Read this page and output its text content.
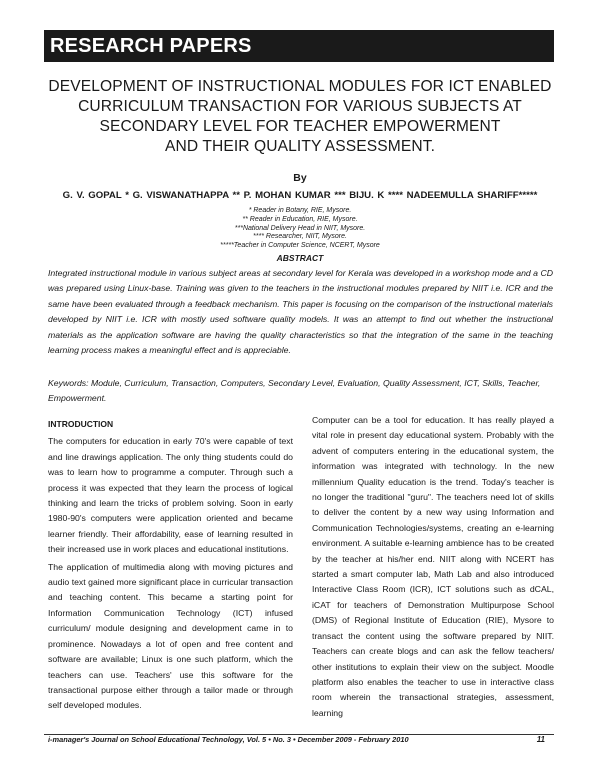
RESEARCH PAPERS
DEVELOPMENT OF INSTRUCTIONAL MODULES FOR ICT ENABLED
CURRICULUM TRANSACTION FOR VARIOUS SUBJECTS AT
SECONDARY LEVEL FOR TEACHER EMPOWERMENT
AND THEIR QUALITY ASSESSMENT.
By
G. V. GOPAL * G. VISWANATHAPPA ** P. MOHAN KUMAR *** BIJU. K **** NADEEMULLA SHARIFF*****
* Reader in Botany, RIE, Mysore.
** Reader in Education, RIE, Mysore.
***National Delivery Head in NIIT, Mysore.
**** Researcher, NIIT, Mysore.
*****Teacher in Computer Science, NCERT, Mysore
ABSTRACT

Integrated instructional module in various subject areas at secondary level for Kerala was developed in a workshop mode and a CD was prepared using Linux-base. Training was given to the teachers in the instructional modules prepared by NIIT i.e. ICR and the same have been evaluated through a feedback mechanism. This paper is focusing on the comparison of the instructional materials developed by NIIT i.e. ICR with mostly used software quality models. It was an attempt to find out whether the instructional materials as the application software are having the quality characteristics so that the integration of the same in the teaching learning process makes a meaningful effect and is appreciable.

Keywords: Module, Curriculum, Transaction, Computers, Secondary Level, Evaluation, Quality Assessment, ICT, Skills, Teacher, Empowerment.

INTRODUCTION

The computers for education in early 70's were capable of text and line drawings application. The only thing students could do was to learn how to programme a computer. Through such a process it was expected that they learn the process of logical thinking and learn the tricks of problem solving. Soon in early 1980-90's computers were application oriented and became learner friendly. Their affordability, ease of learning resulted in their increased use in work places and educational institutions.

The application of multimedia along with moving pictures and audio text gained more significant place in curricular transaction and teaching content. This became a starting point for Information Communication Technology (ICT) infused curriculum/ module designing and development came in to prominence. Nowadays a lot of open and free content and software are available; Linux is one such platform, which the teachers can use. Teachers' use this software for the transactional purpose either through a tailor made or through self developed modules.

Computer can be a tool for education. It has really played a vital role in present day educational system. Probably with the advent of computers entering in the educational system, the information was integrated with technology. In the new millennium Quality education is the trend. Today's teacher is no longer the traditional "guru". The teachers need lot of skills to deliver the content by a new way using Information and Communication Technologies/systems, creating an e-learning environment. A suitable e-learning ambience has to be created by the teacher at his/her end. NIIT along with NCERT has started a smart computer lab, Math Lab and also introduced Interactive Class Room (ICR), ICT solutions such as dCAL, iCAT for teachers of Demonstration Multipurpose School (DMS) of Regional Institute of Education (RIE), Mysore to transact the content using the software prepared by NIIT. Teachers can create blogs and can ask the fellow teachers/ other institutions to explain their view on the subject. Moodle platform also enables the teacher to use in interactive class room wherein the transactional strategies, assessment, learning

i-manager's Journal on School Educational Technology, Vol. 5 • No. 3 • December 2009 - February 2010	11
